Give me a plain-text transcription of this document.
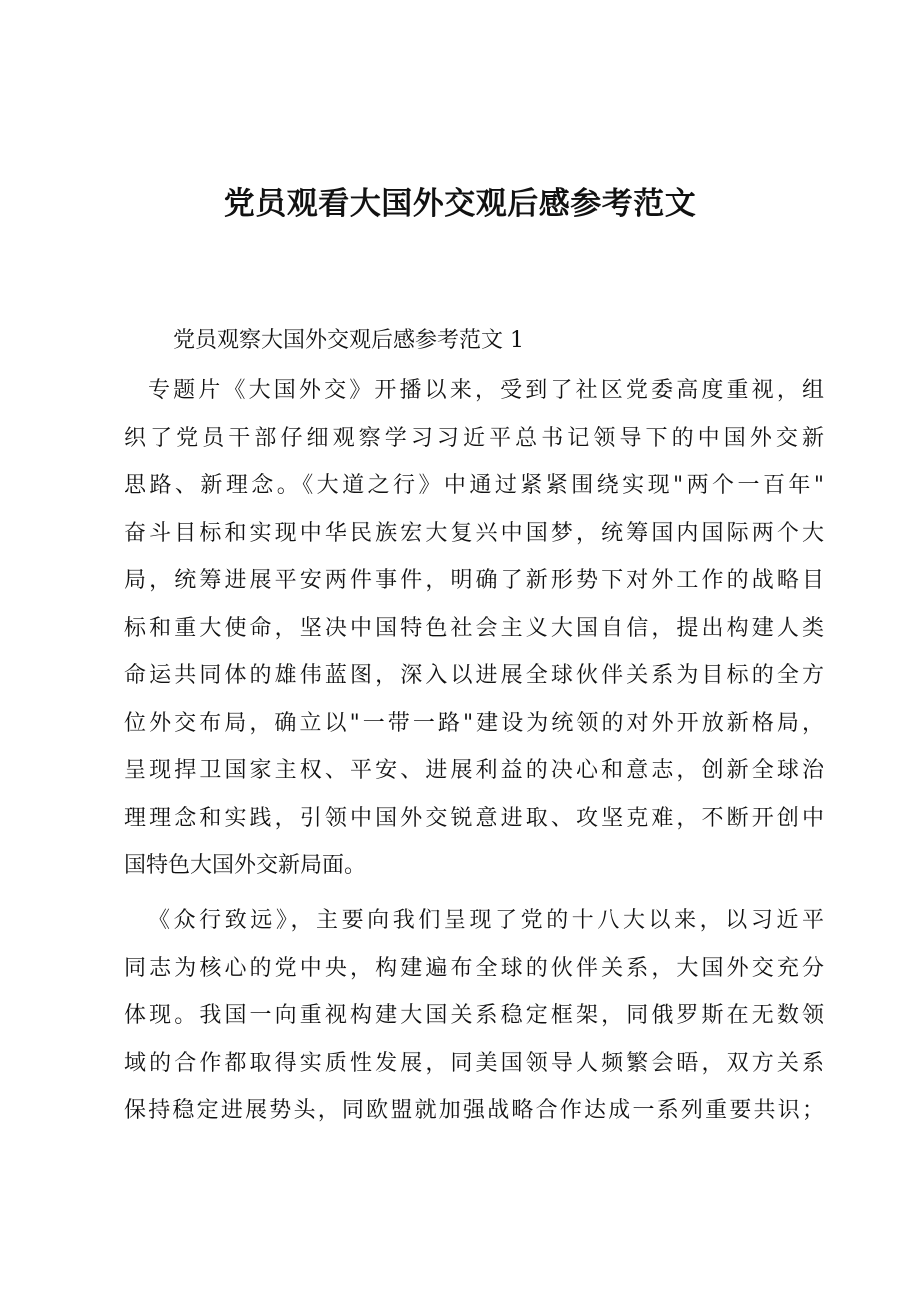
党员观看大国外交观后感参考范文
党员观察大国外交观后感参考范文 1
专题片《大国外交》开播以来，受到了社区党委高度重视，组
织了党员干部仔细观察学习习近平总书记领导下的中国外交新
思路、新理念。《大道之行》中通过紧紧围绕实现"两个一百年"
奋斗目标和实现中华民族宏大复兴中国梦，统筹国内国际两个大
局，统筹进展平安两件事件，明确了新形势下对外工作的战略目
标和重大使命，坚决中国特色社会主义大国自信，提出构建人类
命运共同体的雄伟蓝图，深入以进展全球伙伴关系为目标的全方
位外交布局，确立以"一带一路"建设为统领的对外开放新格局，
呈现捍卫国家主权、平安、进展利益的决心和意志，创新全球治
理理念和实践，引领中国外交锐意进取、攻坚克难，不断开创中
国特色大国外交新局面。
《众行致远》，主要向我们呈现了党的十八大以来，以习近平
同志为核心的党中央，构建遍布全球的伙伴关系，大国外交充分
体现。我国一向重视构建大国关系稳定框架，同俄罗斯在无数领
域的合作都取得实质性发展，同美国领导人频繁会晤，双方关系
保持稳定进展势头，同欧盟就加强战略合作达成一系列重要共识；
